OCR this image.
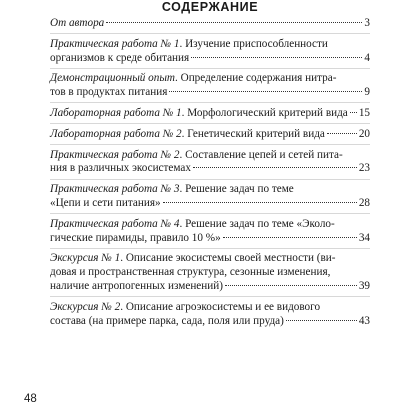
СОДЕРЖАНИЕ
От автора	3
Практическая работа № 1. Изучение приспособленности
организмов к среде обитания	4
Демонстрационный опыт. Определение содержания нитра-
тов в продуктах питания	9
Лабораторная работа № 1. Морфологический критерий вида 15
Лабораторная работа № 2. Генетический критерий вида	20
Практическая работа № 2. Составление цепей и сетей пита-
ния в различных экосистемах	23
Практическая работа № 3. Решение задач по теме
«Цепи и сети питания»	28
Практическая работа № 4. Решение задач по теме «Эколо-
гические пирамиды, правило 10 %»	34
Экскурсия № 1. Описание экосистемы своей местности (ви-
довая и пространственная структура, сезонные изменения,
наличие антропогенных изменений)	39
Экскурсия № 2. Описание агроэкосистемы и ее видового
состава (на примере парка, сада, поля или пруда)	43
48
